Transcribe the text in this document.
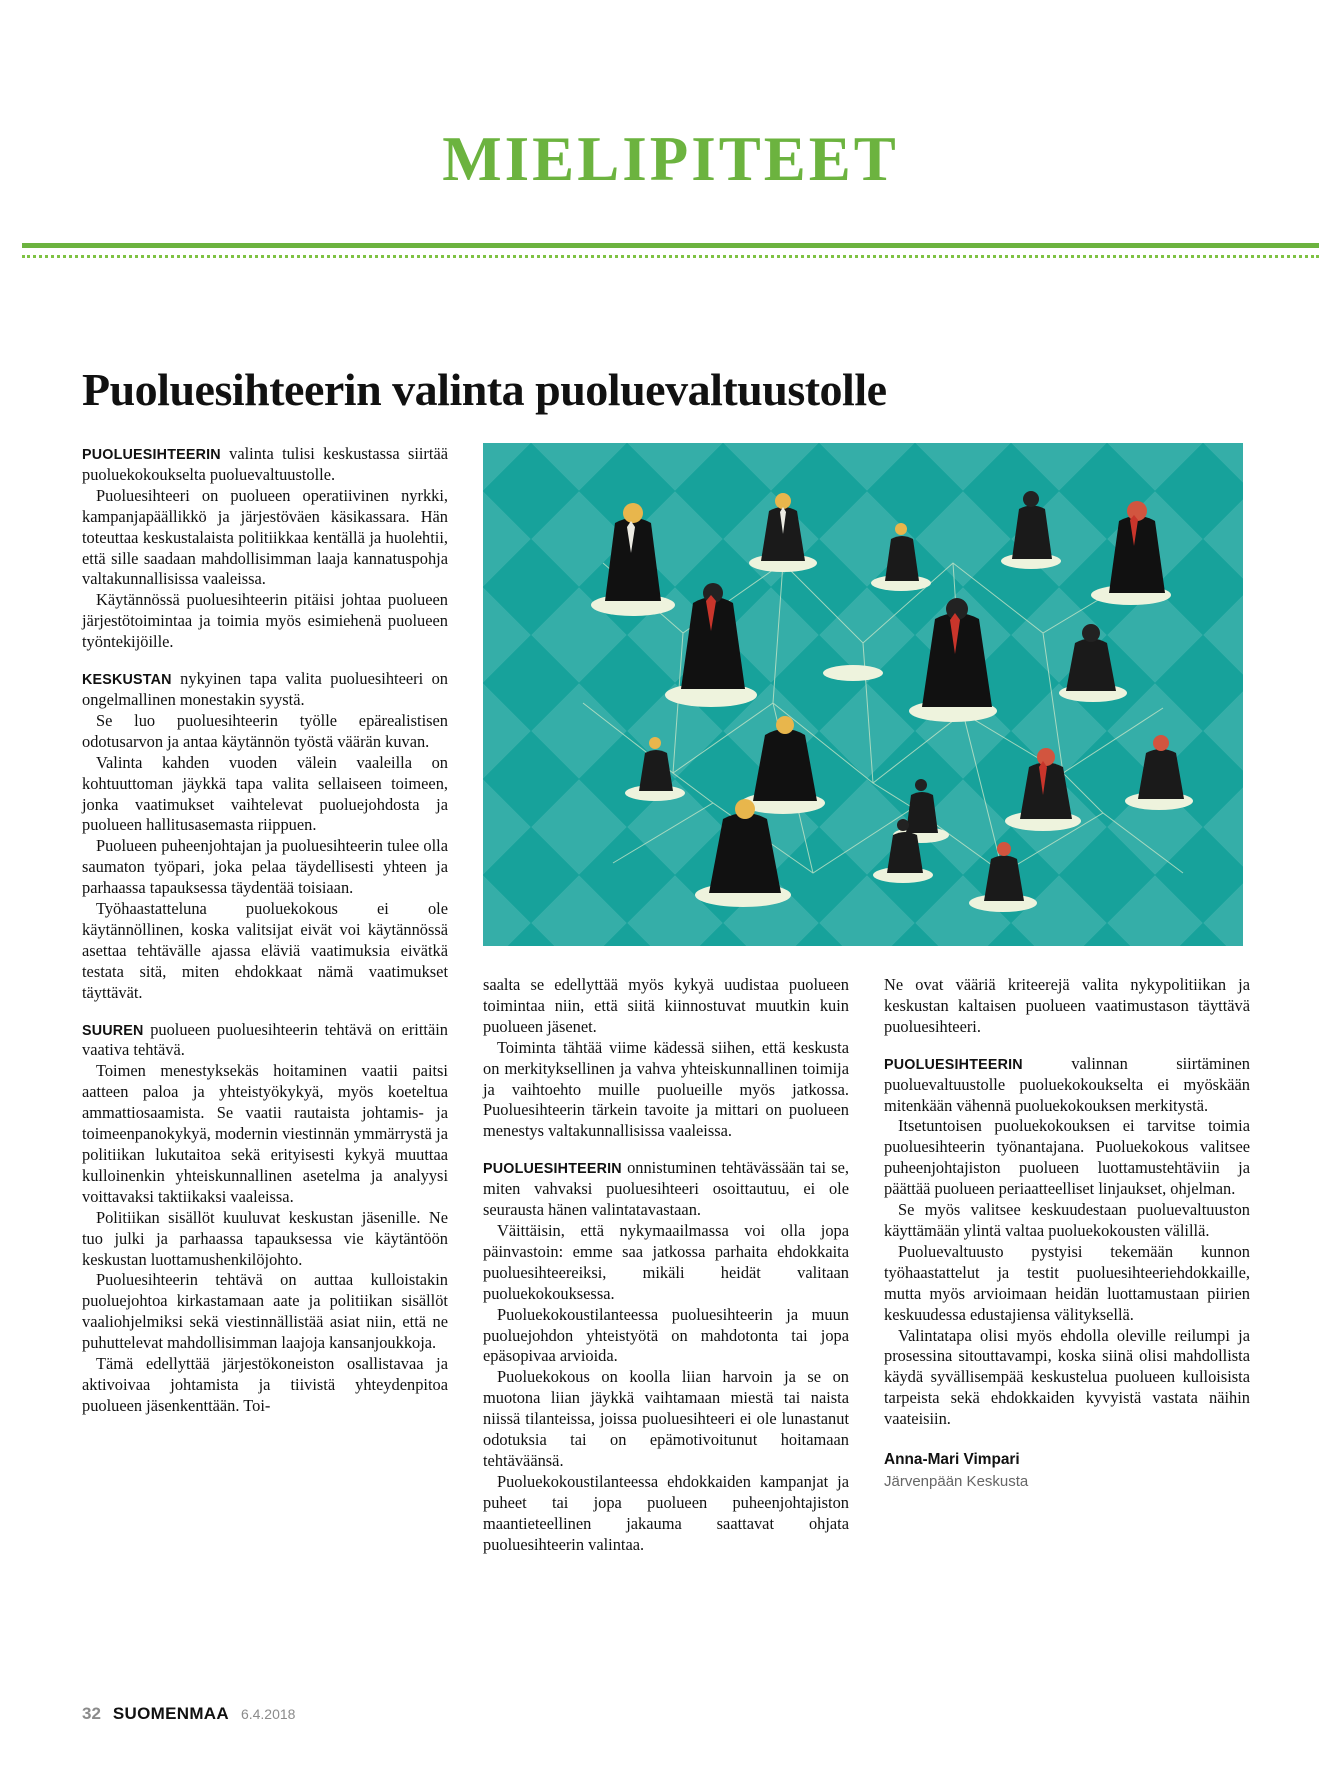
MIELIPITEET
Puoluesihteerin valinta puoluevaltuustolle

PUOLUESIHTEERIN valinta tulisi keskustassa siirtää puoluekokoukselta puoluevaltuustolle.

Puoluesihteeri on puolueen operatiivinen nyrkki, kampanjapäällikkö ja järjestöväen käsikassara. Hän toteuttaa keskustalaista politiikkaa kentällä ja huolehtii, että sille saadaan mahdollisimman laaja kannatuspohja valtakunnallisissa vaaleissa.

Käytännössä puoluesihteerin pitäisi johtaa puolueen järjestötoimintaa ja toimia myös esimiehenä puolueen työntekijöille.

KESKUSTAN nykyinen tapa valita puoluesihteeri on ongelmallinen monestakin syystä.

Se luo puoluesihteerin työlle epärealistisen odotusarvon ja antaa käytännön työstä väärän kuvan.

Valinta kahden vuoden välein vaaleilla on kohtuuttoman jäykkä tapa valita sellaiseen toimeen, jonka vaatimukset vaihtelevat puoluejohdosta ja puolueen hallitusasemasta riippuen.

Puolueen puheenjohtajan ja puoluesihteerin tulee olla saumaton työpari, joka pelaa täydellisesti yhteen ja parhaassa tapauksessa täydentää toisiaan.

Työhaastatteluna puoluekokous ei ole käytännöllinen, koska valitsijat eivät voi käytännössä asettaa tehtävälle ajassa eläviä vaatimuksia eivätkä testata sitä, miten ehdokkaat nämä vaatimukset täyttävät.

SUUREN puolueen puoluesihteerin tehtävä on erittäin vaativa tehtävä.

Toimen menestyksekäs hoitaminen vaatii paitsi aatteen paloa ja yhteistyökykyä, myös koeteltua ammattiosaamista. Se vaatii rautaista johtamis- ja toimeenpanokykyä, modernin viestinnän ymmärrystä ja politiikan lukutaitoa sekä erityisesti kykyä muuttaa kulloinenkin yhteiskunnallinen asetelma ja analyysi voittavaksi taktiikaksi vaaleissa.

Politiikan sisällöt kuuluvat keskustan jäsenille. Ne tuo julki ja parhaassa tapauksessa vie käytäntöön keskustan luottamushenkilöjohto.

Puoluesihteerin tehtävä on auttaa kulloistakin puoluejohtoa kirkastamaan aate ja politiikan sisällöt vaaliohjelmiksi sekä viestinnällistää asiat niin, että ne puhuttelevat mahdollisimman laajoja kansanjoukkoja.

Tämä edellyttää järjestökoneiston osallistavaa ja aktivoivaa johtamista ja tiivistä yhteydenpitoa puolueen jäsenkenttään. Toi-

saalta se edellyttää myös kykyä uudistaa puolueen toimintaa niin, että siitä kiinnostuvat muutkin kuin puolueen jäsenet.

Toiminta tähtää viime kädessä siihen, että keskusta on merkityksellinen ja vahva yhteiskunnallinen toimija ja vaihtoehto muille puolueille myös jatkossa. Puoluesihteerin tärkein tavoite ja mittari on puolueen menestys valtakunnallisissa vaaleissa.

PUOLUESIHTEERIN onnistuminen tehtävässään tai se, miten vahvaksi puoluesihteeri osoittautuu, ei ole seurausta hänen valintatavastaan.

Väittäisin, että nykymaailmassa voi olla jopa päinvastoin: emme saa jatkossa parhaita ehdokkaita puoluesihteereiksi, mikäli heidät valitaan puoluekokouksessa.

Puoluekokoustilanteessa puoluesihteerin ja muun puoluejohdon yhteistyötä on mahdotonta tai jopa epäsopivaa arvioida.

Puoluekokous on koolla liian harvoin ja se on muotona liian jäykkä vaihtamaan miestä tai naista niissä tilanteissa, joissa puoluesihteeri ei ole lunastanut odotuksia tai on epämotivoitunut hoitamaan tehtäväänsä.

Puoluekokoustilanteessa ehdokkaiden kampanjat ja puheet tai jopa puolueen puheenjohtajiston maantieteellinen jakauma saattavat ohjata puoluesihteerin valintaa.

Ne ovat vääriä kriteerejä valita nykypolitiikan ja keskustan kaltaisen puolueen vaatimustason täyttävä puoluesihteeri.

PUOLUESIHTEERIN valinnan siirtäminen puoluevaltuustolle puoluekokoukselta ei myöskään mitenkään vähennä puoluekokouksen merkitystä.

Itsetuntoisen puoluekokouksen ei tarvitse toimia puoluesihteerin työnantajana. Puoluekokous valitsee puheenjohtajiston puolueen luottamustehtäviin ja päättää puolueen periaatteelliset linjaukset, ohjelman.

Se myös valitsee keskuudestaan puoluevaltuuston käyttämään ylintä valtaa puoluekokousten välillä.

Puoluevaltuusto pystyisi tekemään kunnon työhaastattelut ja testit puoluesihteeriehdokkaille, mutta myös arvioimaan heidän luottamustaan piirien keskuudessa edustajiensa välityksellä.

Valintatapa olisi myös ehdolla oleville reilumpi ja prosessina sitouttavampi, koska siinä olisi mahdollista käydä syvällisempää keskustelua puolueen kulloisista tarpeista sekä ehdokkaiden kyvyistä vastata näihin vaateisiin.

Anna-Mari Vimpari
Järvenpään Keskusta
32 SUOMENMAA 6.4.2018
